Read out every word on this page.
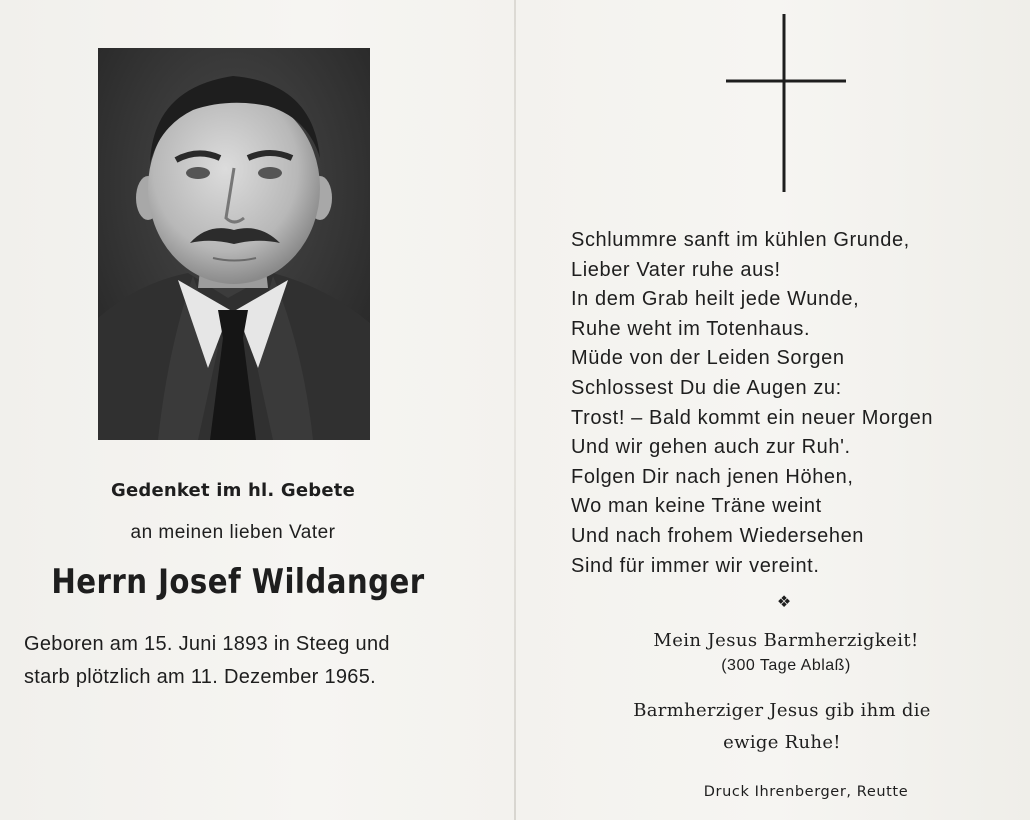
Gedenket im hl. Gebete
an meinen lieben Vater
Herrn Josef Wildanger
Geboren am 15. Juni 1893 in Steeg und
starb plötzlich am 11. Dezember 1965.
Schlummre sanft im kühlen Grunde,
Lieber Vater ruhe aus!
In dem Grab heilt jede Wunde,
Ruhe weht im Totenhaus.
Müde von der Leiden Sorgen
Schlossest Du die Augen zu:
Trost! – Bald kommt ein neuer Morgen
Und wir gehen auch zur Ruh'.
Folgen Dir nach jenen Höhen,
Wo man keine Träne weint
Und nach frohem Wiedersehen
Sind für immer wir vereint.
❖
Mein Jesus Barmherzigkeit!
(300 Tage Ablaß)
Barmherziger Jesus gib ihm die
ewige Ruhe!
Druck Ihrenberger, Reutte
